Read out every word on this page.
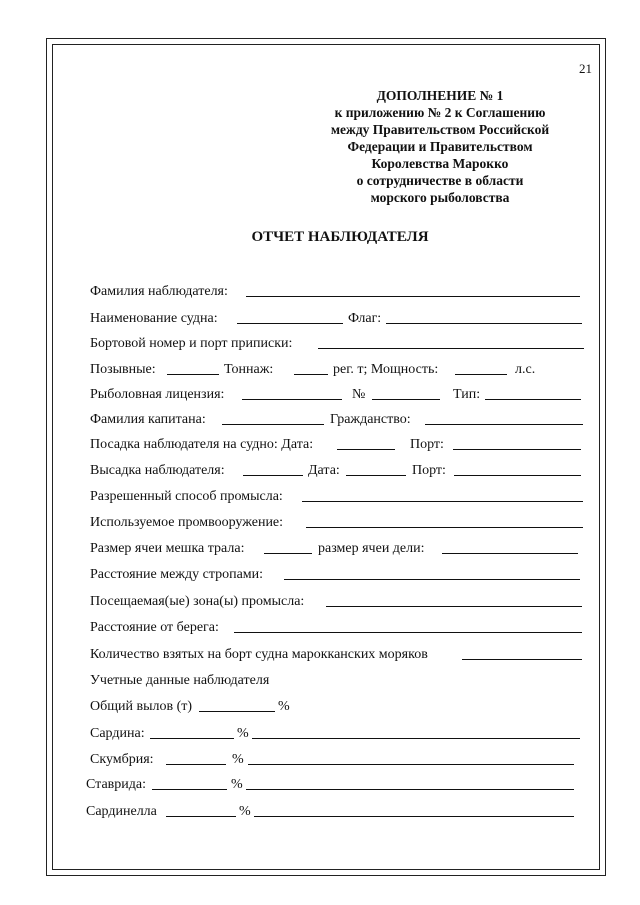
21
ДОПОЛНЕНИЕ № 1
к приложению № 2 к Соглашению
между Правительством Российской
Федерации и Правительством
Королевства Марокко
о сотрудничестве в области
морского рыболовства
ОТЧЕТ НАБЛЮДАТЕЛЯ
Фамилия наблюдателя:
Наименование судна:	Флаг:
Бортовой номер и порт приписки:
Позывные:	Тоннаж:	рег. т; Мощность:	л.с.
Рыболовная лицензия:	№	Тип:
Фамилия капитана:	Гражданство:
Посадка наблюдателя на судно: Дата:	Порт:
Высадка наблюдателя:	Дата:	Порт:
Разрешенный способ промысла:
Используемое промвооружение:
Размер ячеи мешка трала:	размер ячеи дели:
Расстояние между стропами:
Посещаемая(ые) зона(ы) промысла:
Расстояние от берега:
Количество взятых на борт судна марокканских моряков
Учетные данные наблюдателя
Общий вылов (т)	%
Сардина:	%
Скумбрия:	%
Ставрида:	%
Сардинелла	%
